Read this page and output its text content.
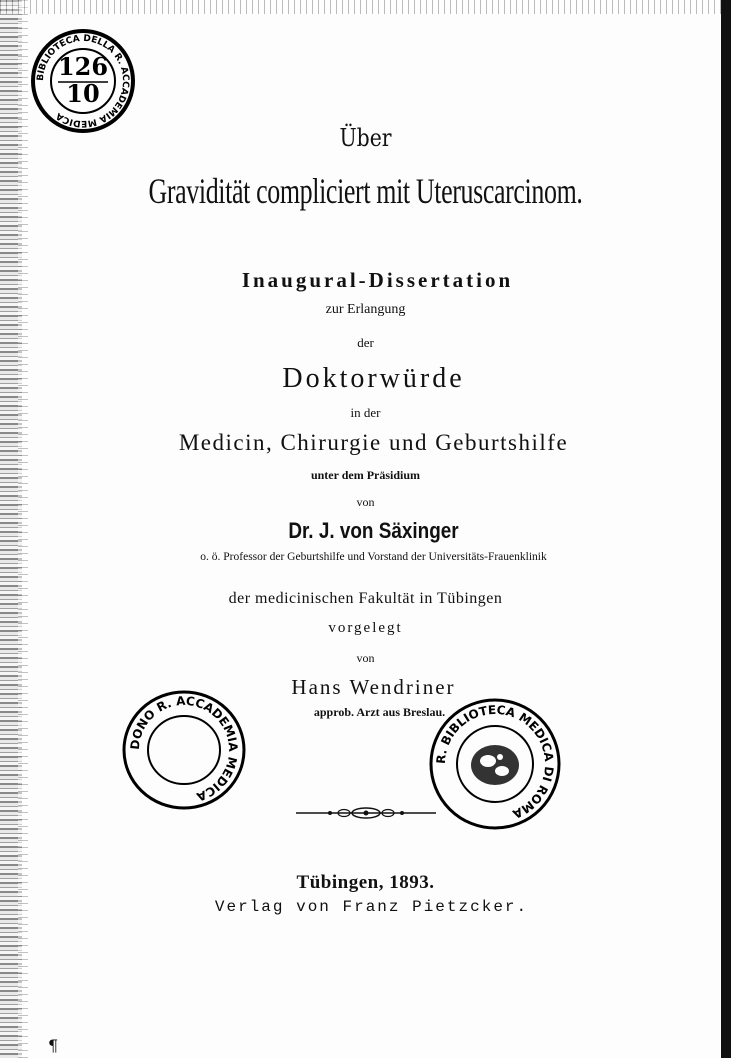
BIBLIOTECA DELLA R. ACCADEMIA MEDICA
126
10
Über
Gravidität compliciert mit Uteruscarcinom.
Inaugural-Dissertation
zur Erlangung
der
Doktorwürde
in der
Medicin, Chirurgie und Geburtshilfe
unter dem Präsidium
von
Dr. J. von Säxinger
o. ö. Professor der Geburtshilfe und Vorstand der Universitäts-Frauenklinik
der medicinischen Fakultät in Tübingen
vorgelegt
von
Hans Wendriner
approb. Arzt aus Breslau.
DONO R. ACCADEMIA MEDICA
R. BIBLIOTECA MEDICA DI ROMA
Tübingen, 1893.
Verlag von Franz Pietzcker.
¶
